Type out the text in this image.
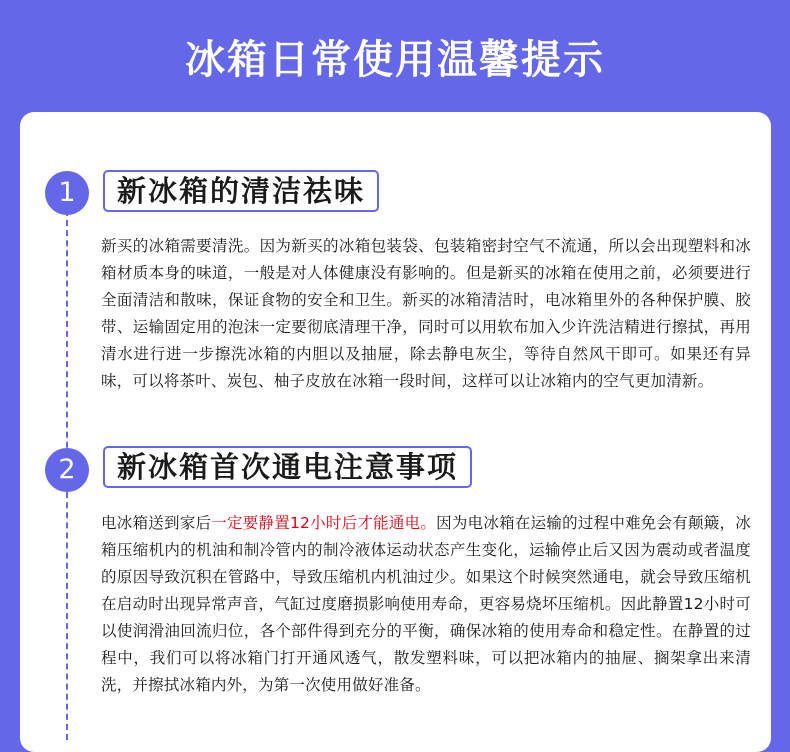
冰箱日常使用温馨提示
1	新冰箱的清洁祛味
新买的冰箱需要清洗。因为新买的冰箱包装袋、包装箱密封空气不流通，所以会出现塑料和冰箱材质本身的味道，一般是对人体健康没有影响的。但是新买的冰箱在使用之前，必须要进行全面清洁和散味，保证食物的安全和卫生。新买的冰箱清洁时，电冰箱里外的各种保护膜、胶带、运输固定用的泡沫一定要彻底清理干净，同时可以用软布加入少许洗洁精进行擦拭，再用清水进行进一步擦洗冰箱的内胆以及抽屉，除去静电灰尘，等待自然风干即可。如果还有异味，可以将茶叶、炭包、柚子皮放在冰箱一段时间，这样可以让冰箱内的空气更加清新。
2	新冰箱首次通电注意事项
电冰箱送到家后一定要静置12小时后才能通电。因为电冰箱在运输的过程中难免会有颠簸，冰箱压缩机内的机油和制冷管内的制冷液体运动状态产生变化，运输停止后又因为震动或者温度的原因导致沉积在管路中，导致压缩机内机油过少。如果这个时候突然通电，就会导致压缩机在启动时出现异常声音，气缸过度磨损影响使用寿命，更容易烧坏压缩机。因此静置12小时可以使润滑油回流归位，各个部件得到充分的平衡，确保冰箱的使用寿命和稳定性。在静置的过程中，我们可以将冰箱门打开通风透气，散发塑料味，可以把冰箱内的抽屉、搁架拿出来清洗，并擦拭冰箱内外，为第一次使用做好准备。
